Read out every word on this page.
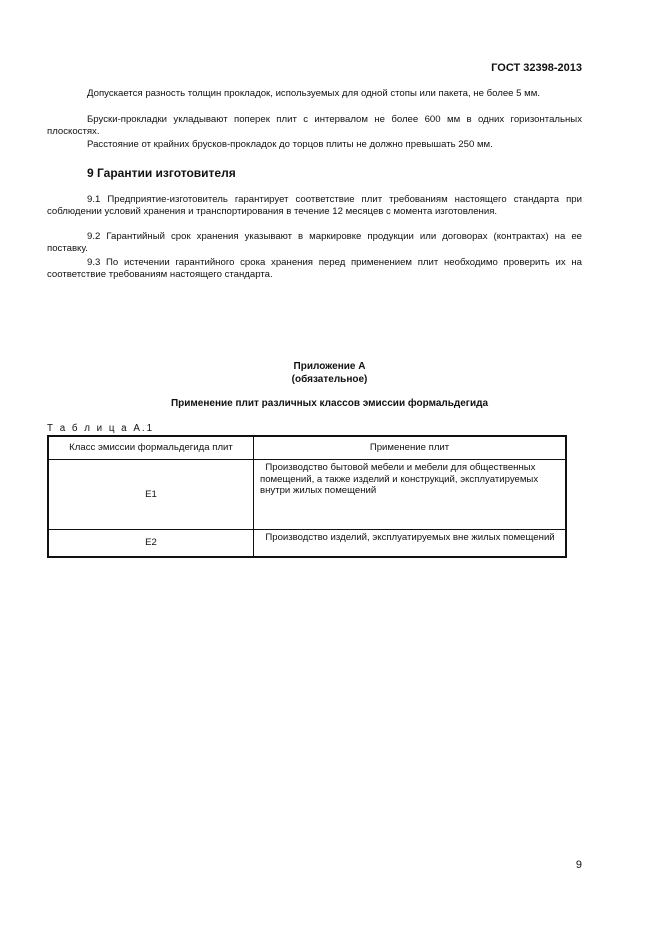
ГОСТ 32398-2013
Допускается разность толщин прокладок, используемых для одной стопы или пакета, не более 5 мм.
Бруски-прокладки укладывают поперек плит с интервалом не более 600 мм в одних горизонтальных плоскостях.
Расстояние от крайних брусков-прокладок до торцов плиты не должно превышать 250 мм.
9 Гарантии изготовителя
9.1 Предприятие-изготовитель гарантирует соответствие плит требованиям настоящего стандарта при соблюдении условий хранения и транспортирования в течение 12 месяцев с момента изготовления.
9.2 Гарантийный срок хранения указывают в маркировке продукции или договорах (контрактах) на ее поставку.
9.3 По истечении гарантийного срока хранения перед применением плит необходимо проверить их на соответствие требованиям настоящего стандарта.
Приложение А
(обязательное)
Применение плит различных классов эмиссии формальдегида
Т а б л и ц а А.1
Класс эмиссии формальдегида плит	Применение плит
Е1	Производство бытовой мебели и мебели для общественных помещений, а также изделий и конструкций, эксплуатируемых внутри жилых помещений
Е2	Производство изделий, эксплуатируемых вне жилых помещений
9
